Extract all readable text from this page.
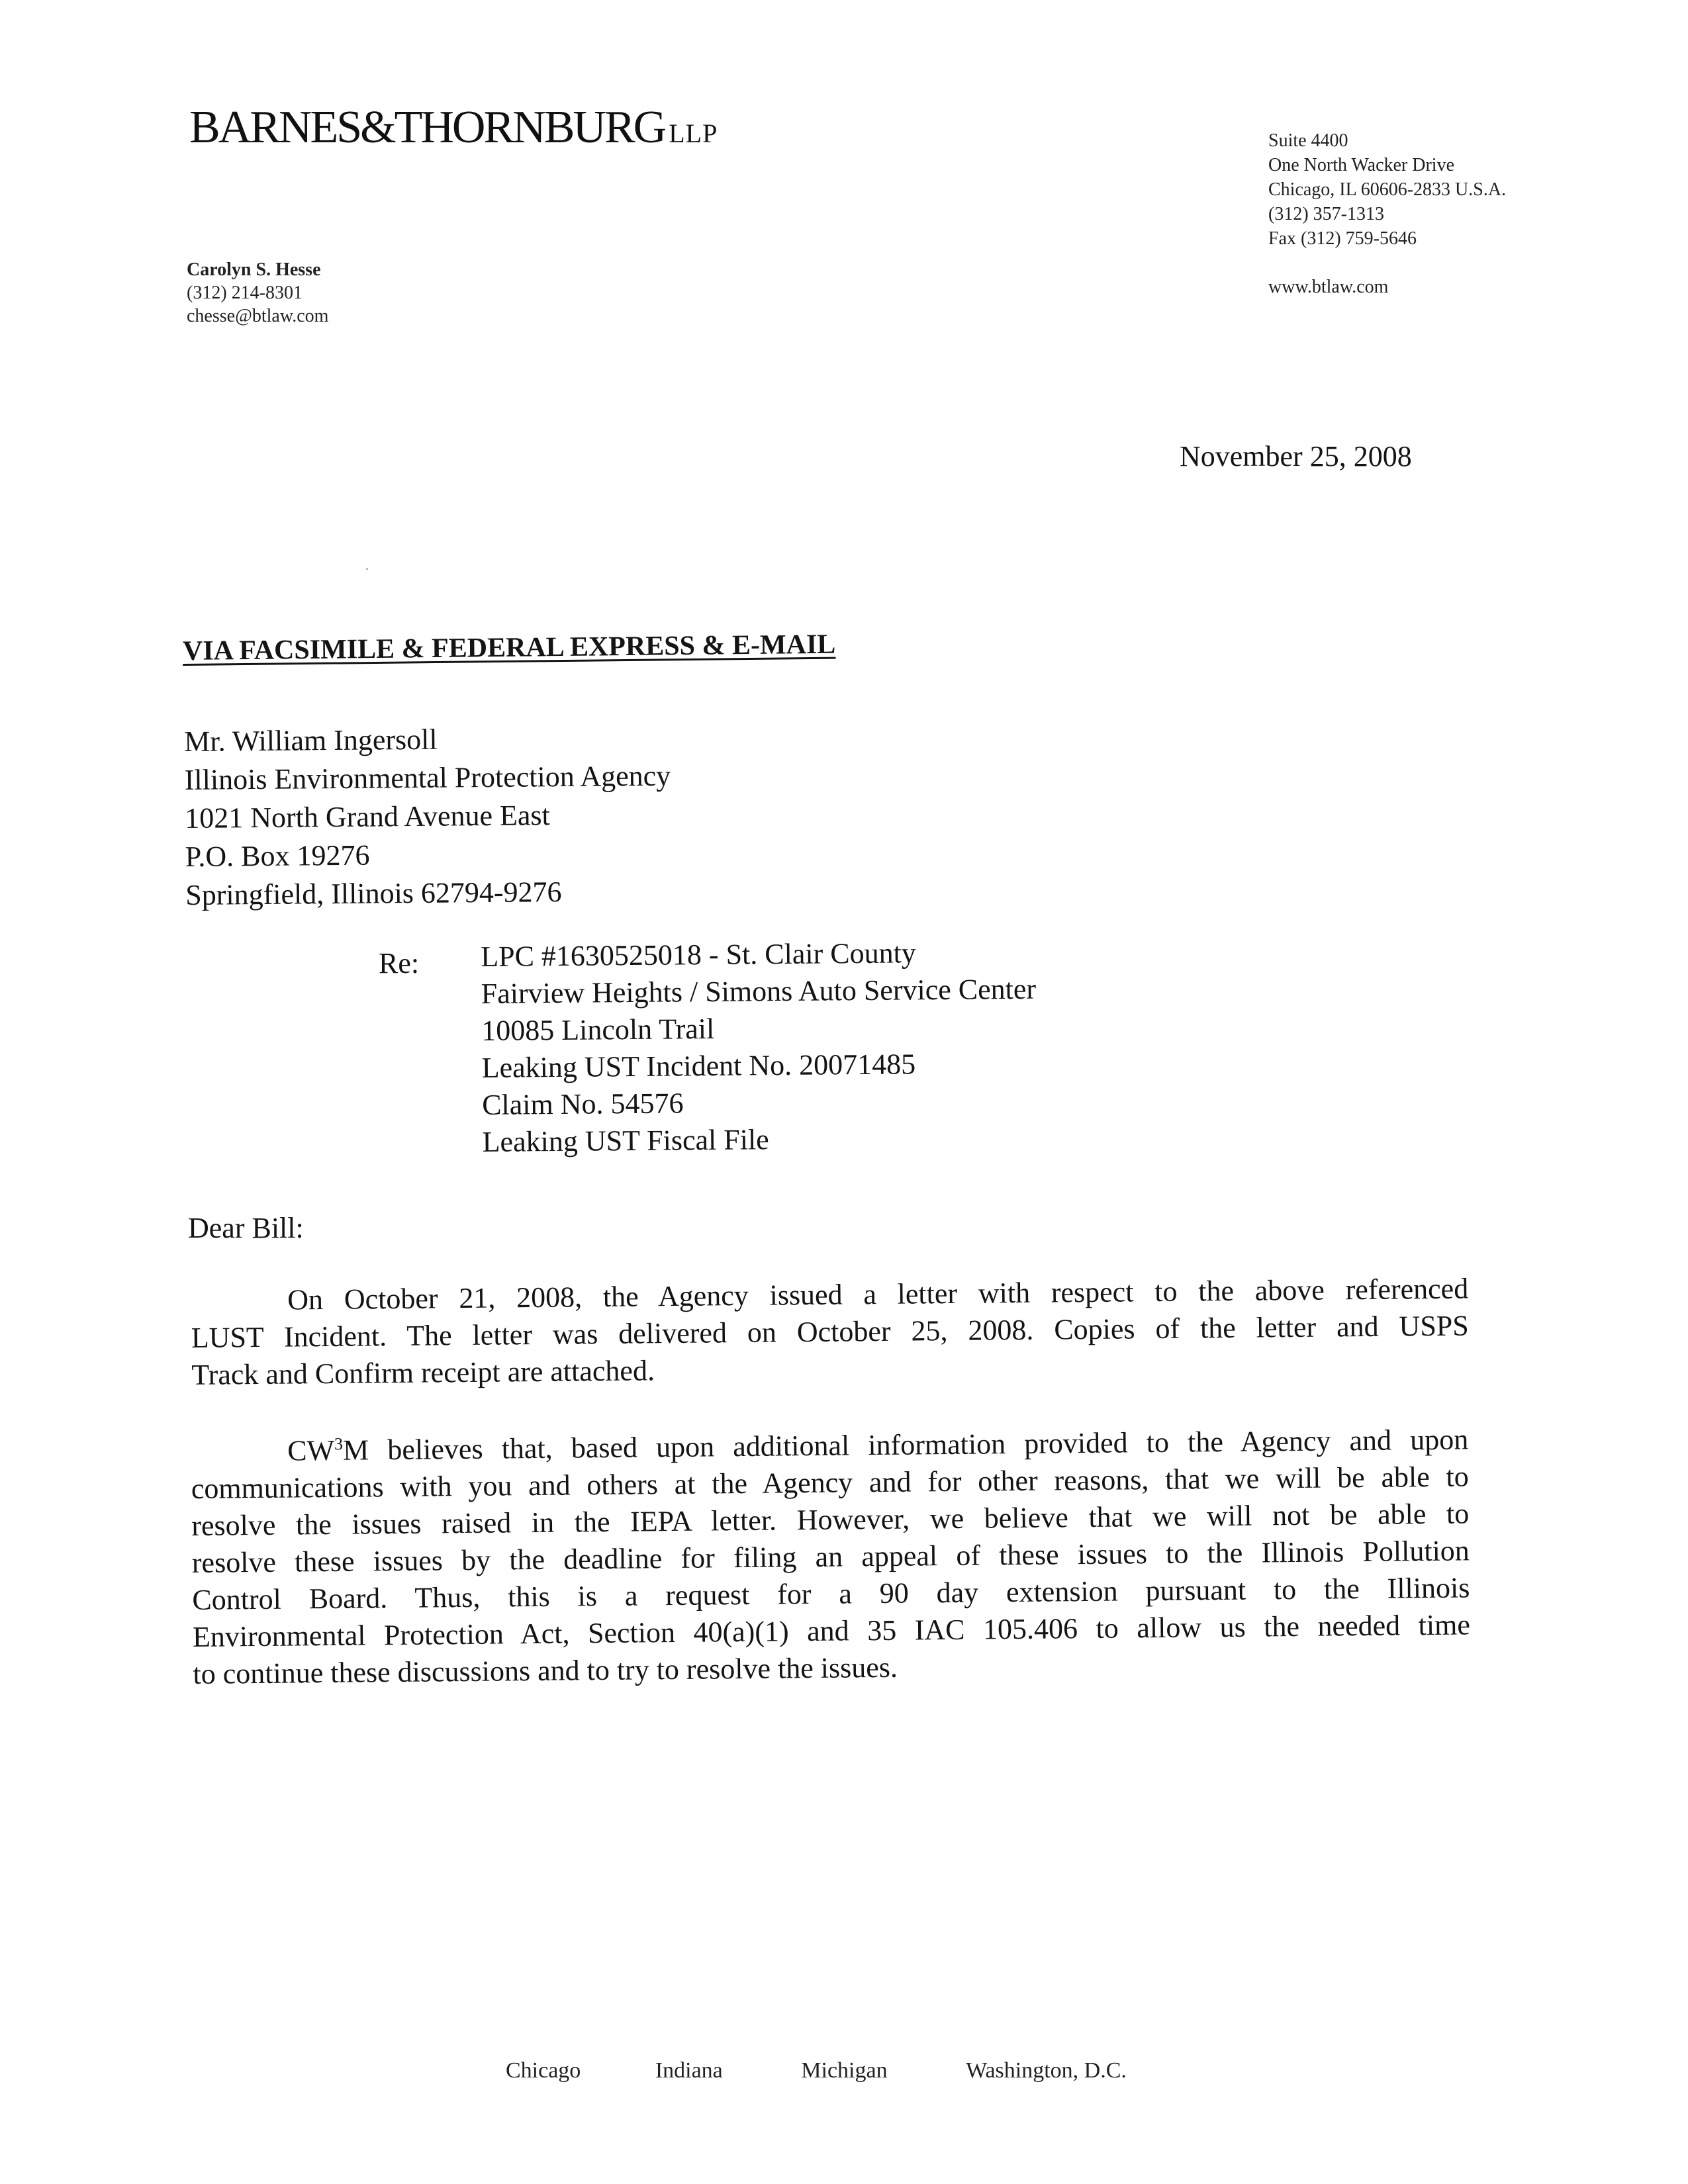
BARNES&THORNBURG LLP	Suite 4400
One North Wacker Drive
Chicago, IL 60606-2833 U.S.A.
(312) 357-1313
Fax (312) 759-5646
www.btlaw.com
Carolyn S. Hesse
(312) 214-8301
chesse@btlaw.com
November 25, 2008
VIA FACSIMILE & FEDERAL EXPRESS & E-MAIL
Mr. William Ingersoll
Illinois Environmental Protection Agency
1021 North Grand Avenue East
P.O. Box 19276
Springfield, Illinois 62794-9276
Re: LPC #1630525018 - St. Clair County
Fairview Heights / Simons Auto Service Center
10085 Lincoln Trail
Leaking UST Incident No. 20071485
Claim No. 54576
Leaking UST Fiscal File
Dear Bill:
On October 21, 2008, the Agency issued a letter with respect to the above referenced
LUST Incident. The letter was delivered on October 25, 2008. Copies of the letter and USPS
Track and Confirm receipt are attached.
$CW^3M$ believes that, based upon additional information provided to the Agency and upon
communications with you and others at the Agency and for other reasons, that we will be able to
resolve the issues raised in the IEPA letter. However, we believe that we will not be able to
resolve these issues by the deadline for filing an appeal of these issues to the Illinois Pollution
Control Board. Thus, this is a request for a 90 day extension pursuant to the Illinois
Environmental Protection Act, Section 40(a)(1) and 35 IAC 105.406 to allow us the needed time
to continue these discussions and to try to resolve the issues.
Chicago	Indiana	Michigan	Washington, D.C.
